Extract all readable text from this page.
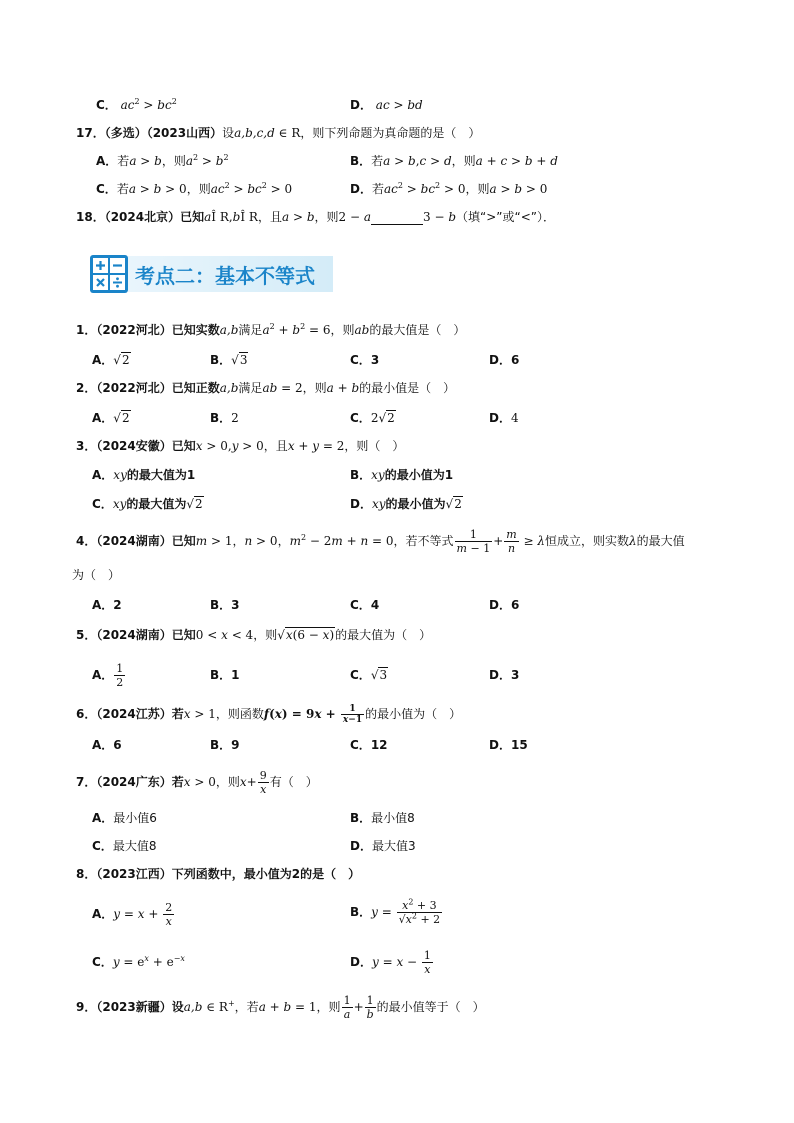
C． $ac^2 > bc^2$	D． ac > bd
17．（多选）（2023山西）设a,b,c,d ∈ R，则下列命题为真命题的是（　）
A．若a > b，则$a^2 > b^2$	B．若a > b,c > d，则a + c > b + d
C．若a > b > 0，则$ac^2 > bc^2 > 0$	D．若$ac^2 > bc^2 > 0$，则a > b > 0
18．（2024北京）已知aÎ R,bÎ R，且a > b，则2 − a	3 − b（填“>”或“<”）．
考点二：基本不等式
1．（2022河北）已知实数a,b满足$a^2 + b^2 = 6$，则ab的最大值是（　）
A．√2	B．√3	C．3	D．6
2．（2022河北）已知正数a,b满足ab = 2，则a + b的最小值是（　）
A．√2	B．2	C．2√2	D．4
3．（2024安徽）已知x > 0,y > 0，且x + y = 2，则（　）
A．xy的最大值为1	B．xy的最小值为1
C．xy的最大值为√2	D．xy的最小值为√2
4．（2024湖南）已知m > 1，n > 0，$m^2 - 2m + n = 0$，若不等式 $\frac{1}{m - 1} + \frac{m}{n} \ge \lambda$恒成立，则实数λ的最大值
为（　）
A．2	B．3	C．4	D．6
5．（2024湖南）已知0 < x < 4，则√x(6 − x)的最大值为（　）
A． $\frac{1}{2}$	B．1	C．√3	D．3
6．（2024江苏）若x > 1，则函数$f(x) = 9x + \frac{1}{x-1}$ 的最小值为（　）
A．6	B．9	C．12	D．15
7．（2024广东）若x > 0，则$x+ \frac{9}{x}$ 有（　）
A．最小值6	B．最小值8
C．最大值8	D．最大值3
8．（2023江西）下列函数中，最小值为2的是（　）
A．$y = x + \frac{2}{x}$	B．$y = \frac{x^2 + 3}{√x^2 + 2}$
C．$y = e^x + e^{-x}$	D．$y = x - \frac{1}{x}$
9．（2023新疆）设a,b ∈ R+，若a + b = 1，则 $\frac{1}{a} + \frac{1}{b}$ 的最小值等于（　）
